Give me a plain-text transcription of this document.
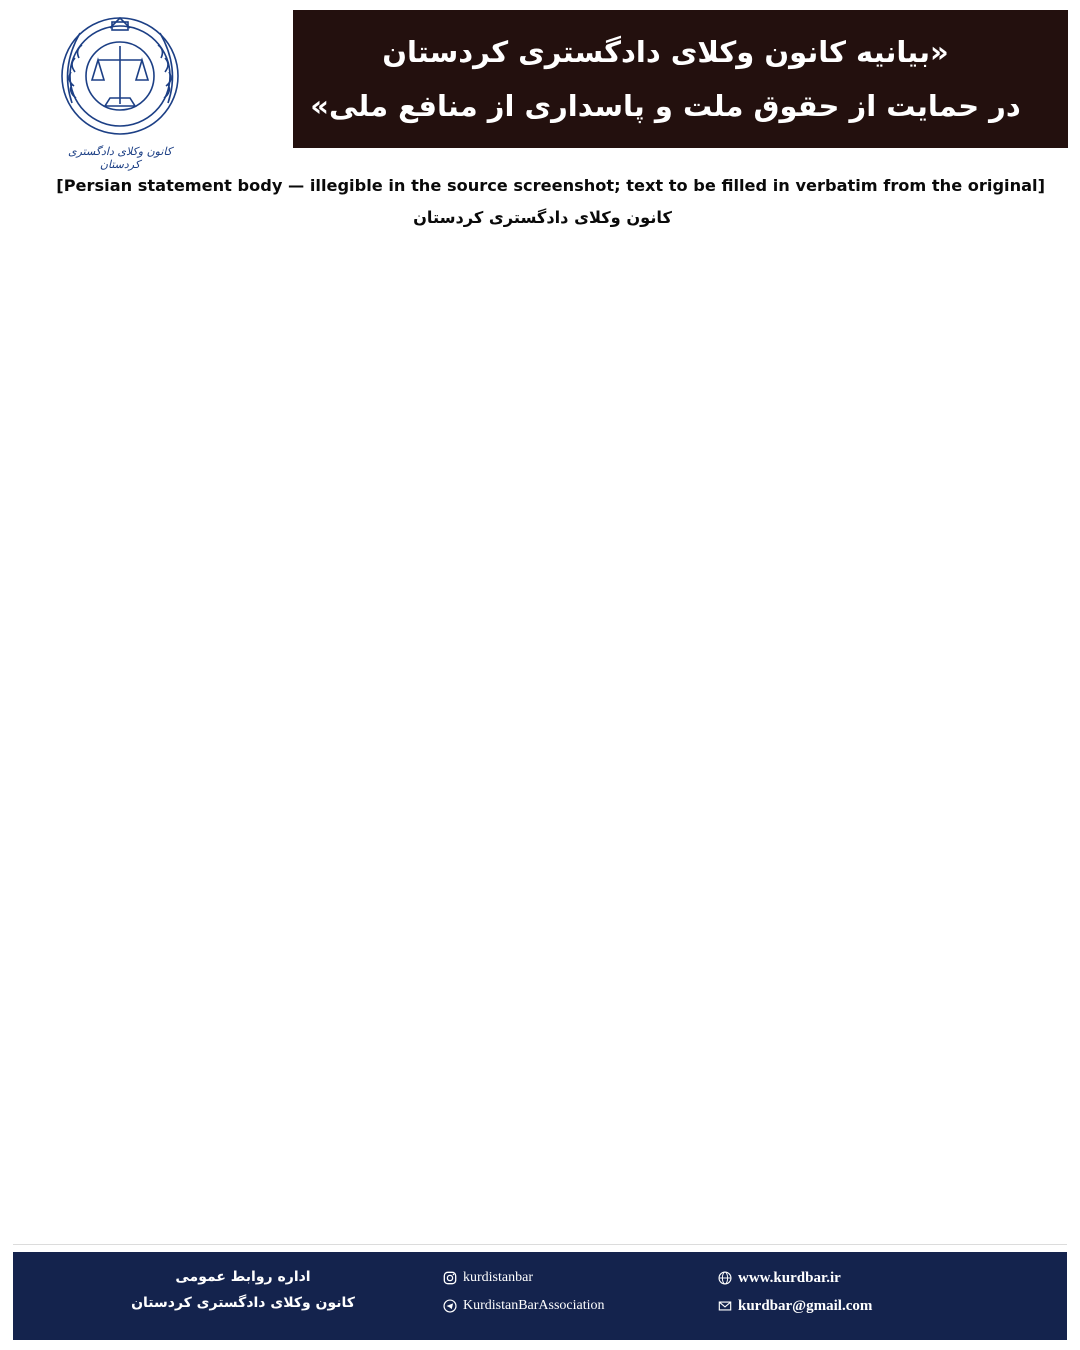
کانون وکلای دادگستری کردستان
«بیانیه کانون وکلای دادگستری کردستان
در حمایت از حقوق ملت و پاسداری از منافع ملی»

[Persian statement body — illegible in the source screenshot; text to be filled in verbatim from the original]

کانون وکلای دادگستری کردستان

اداره روابط عمومی
کانون وکلای دادگستری کردستان
kurdistanbar
KurdistanBarAssociation
www.kurdbar.ir
kurdbar@gmail.com
